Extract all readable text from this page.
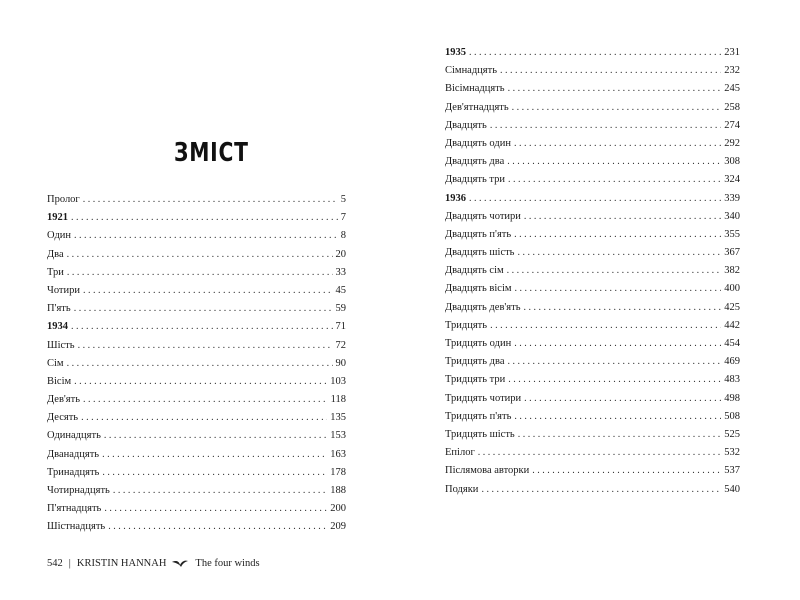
ЗМІСТ
Пролог . . .	5
1921 . . .	7
Один . . .	8
Два . . .	20
Три . . .	33
Чотири . . .	45
П'ять . . .	59
1934 . . .	71
Шість . . .	72
Сім . . .	90
Вісім . . .	103
Дев'ять . . .	118
Десять . . .	135
Одинадцять . . .	153
Дванадцять . . .	163
Тринадцять . . .	178
Чотирнадцять . . .	188
П'ятнадцять . . .	200
Шістнадцять . . .	209
542 | KRISTIN HANNAH	The four winds
1935 . . .	231
Сімнадцять . . .	232
Вісімнадцять . . .	245
Дев'ятнадцять . . .	258
Двадцять . . .	274
Двадцять один . . .	292
Двадцять два . . .	308
Двадцять три . . .	324
1936 . . .	339
Двадцять чотири . . .	340
Двадцять п'ять . . .	355
Двадцять шість . . .	367
Двадцять сім . . .	382
Двадцять вісім . . .	400
Двадцять дев'ять . . .	425
Тридцять . . .	442
Тридцять один . . .	454
Тридцять два . . .	469
Тридцять три . . .	483
Тридцять чотири . . .	498
Тридцять п'ять . . .	508
Тридцять шість . . .	525
Епілог . . .	532
Післямова авторки . . .	537
Подяки . . .	540
